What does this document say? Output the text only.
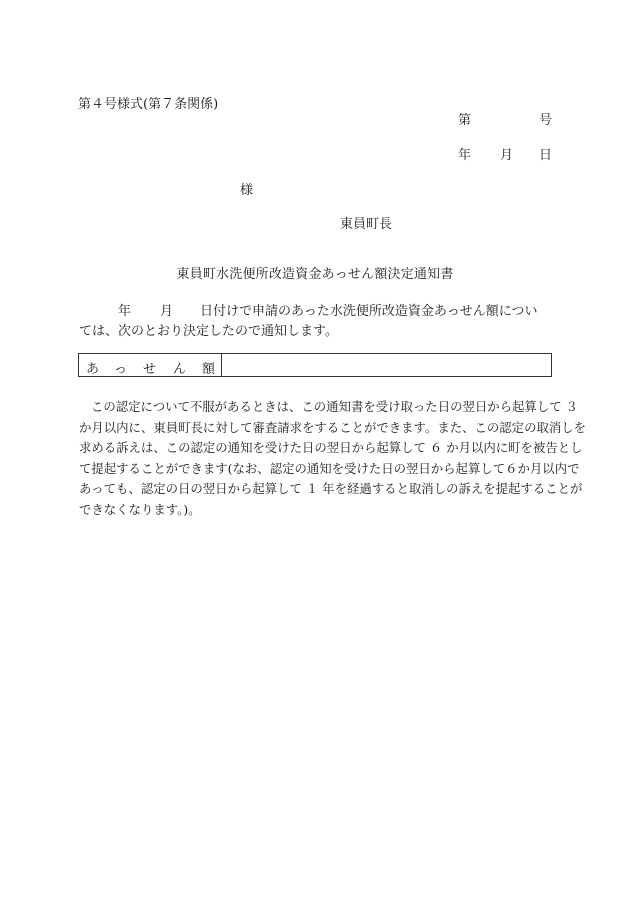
第４号様式(第７条関係)
第	号
年 月 日
様
東員町長
東員町水洗便所改造資金あっせん額決定通知書
年 月 日付けで申請のあった水洗便所改造資金あっせん額につい
ては、次のとおり決定したので通知します。
あ っ せ ん 額
この認定について不服があるときは、この通知書を受け取った日の翌日から起算して ３
か月以内に、東員町長に対して審査請求をすることができます。また、この認定の取消しを
求める訴えは、この認定の通知を受けた日の翌日から起算して ６ か月以内に町を被告とし
て提起することができます(なお、認定の通知を受けた日の翌日から起算して６か月以内で
あっても、認定の日の翌日から起算して １ 年を経過すると取消しの訴えを提起することが
できなくなります。)。
